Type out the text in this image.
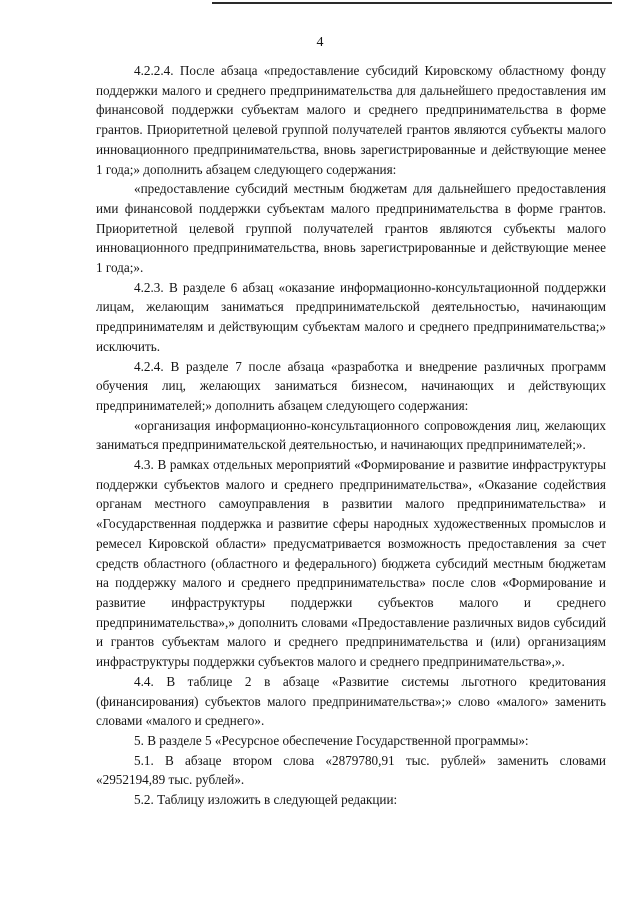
4

4.2.2.4. После абзаца «предоставление субсидий Кировскому областному фонду поддержки малого и среднего предпринимательства для дальнейшего предоставления им финансовой поддержки субъектам малого и среднего предпринимательства в форме грантов. Приоритетной целевой группой получателей грантов являются субъекты малого инновационного предпринимательства, вновь зарегистрированные и действующие менее 1 года;» дополнить абзацем следующего содержания:

«предоставление субсидий местным бюджетам для дальнейшего предоставления ими финансовой поддержки субъектам малого предпринимательства в форме грантов. Приоритетной целевой группой получателей грантов являются субъекты малого инновационного предпринимательства, вновь зарегистрированные и действующие менее 1 года;».

4.2.3. В разделе 6 абзац «оказание информационно-консультационной поддержки лицам, желающим заниматься предпринимательской деятельностью, начинающим предпринимателям и действующим субъектам малого и среднего предпринимательства;» исключить.

4.2.4. В разделе 7 после абзаца «разработка и внедрение различных программ обучения лиц, желающих заниматься бизнесом, начинающих и действующих предпринимателей;» дополнить абзацем следующего содержания:

«организация информационно-консультационного сопровождения лиц, желающих заниматься предпринимательской деятельностью, и начинающих предпринимателей;».

4.3. В рамках отдельных мероприятий «Формирование и развитие инфраструктуры поддержки субъектов малого и среднего предпринимательства», «Оказание содействия органам местного самоуправления в развитии малого предпринимательства» и «Государственная поддержка и развитие сферы народных художественных промыслов и ремесел Кировской области» предусматривается возможность предоставления за счет средств областного (областного и федерального) бюджета субсидий местным бюджетам на поддержку малого и среднего предпринимательства» после слов «Формирование и развитие инфраструктуры поддержки субъектов малого и среднего предпринимательства»,» дополнить словами «Предоставление различных видов субсидий и грантов субъектам малого и среднего предпринимательства и (или) организациям инфраструктуры поддержки субъектов малого и среднего предпринимательства»,».

4.4. В таблице 2 в абзаце «Развитие системы льготного кредитования (финансирования) субъектов малого предпринимательства»;» слово «малого» заменить словами «малого и среднего».

5. В разделе 5 «Ресурсное обеспечение Государственной программы»:

5.1. В абзаце втором слова «2879780,91 тыс. рублей» заменить словами «2952194,89 тыс. рублей».

5.2. Таблицу изложить в следующей редакции:
